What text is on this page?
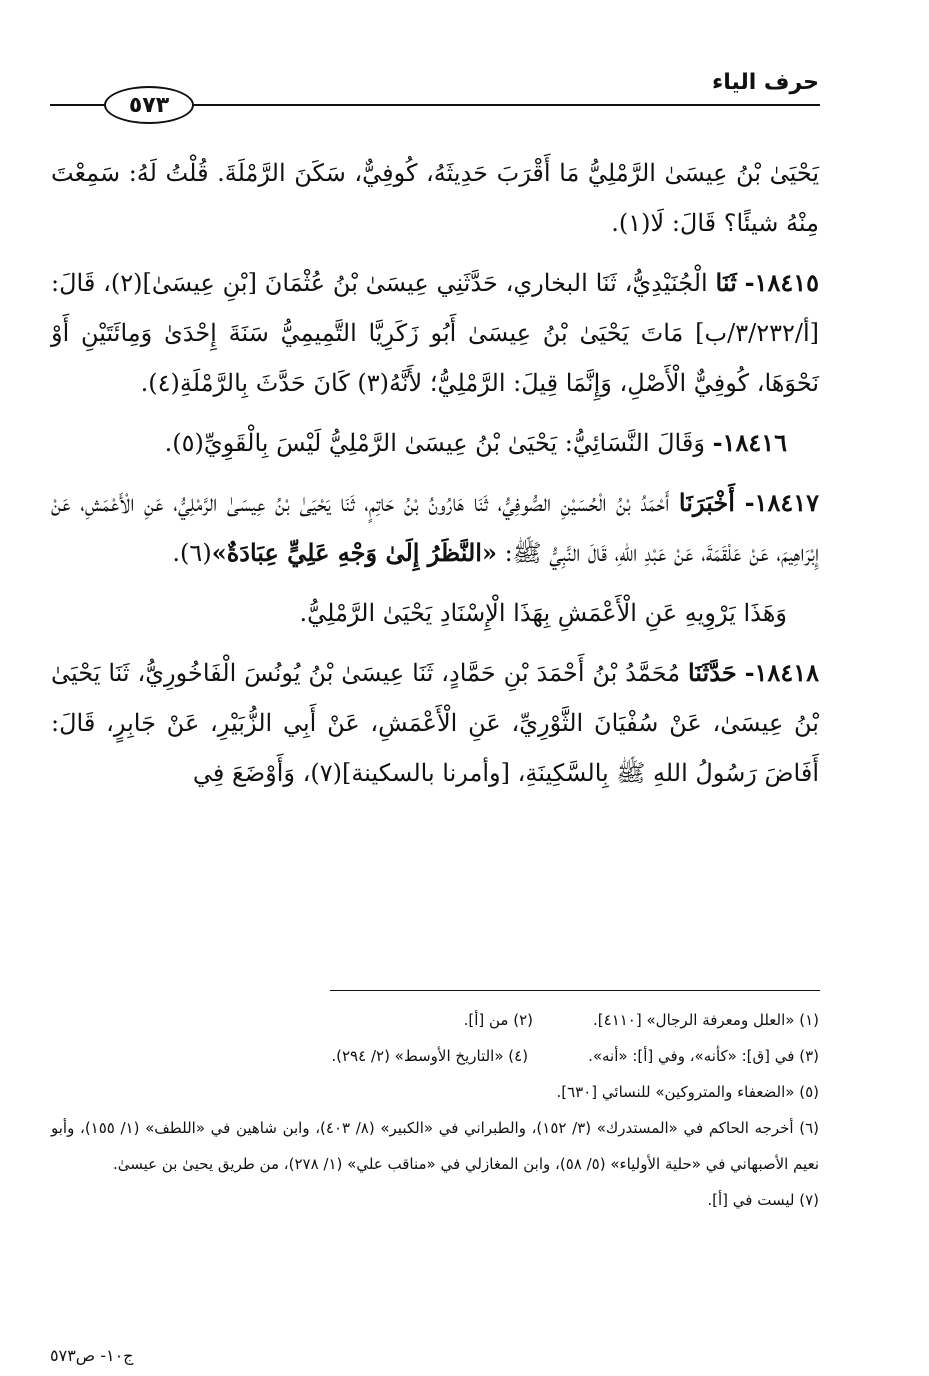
حرف الياء
٥٧٣

يَحْيَىٰ بْنُ عِيسَىٰ الرَّمْلِيُّ مَا أَقْرَبَ حَدِيثَهُ، كُوفِيٌّ، سَكَنَ الرَّمْلَةَ. قُلْتُ لَهُ: سَمِعْتَ مِنْهُ شيئًا؟ قَالَ: لَا(١).

١٨٤١٥- ثَنَا الْجُنَيْدِيُّ، ثَنَا البخاري، حَدَّثَنِي عِيسَىٰ بْنُ عُثْمَانَ [بْنِ عِيسَىٰ](٢)، قَالَ: [أ/٣/٢٣٢/ب] مَاتَ يَحْيَىٰ بْنُ عِيسَىٰ أَبُو زَكَرِيَّا التَّمِيمِيُّ سَنَةَ إِحْدَىٰ وَمِائَتَيْنِ أَوْ نَحْوَهَا، كُوفِيٌّ الْأَصْلِ، وَإِنَّمَا قِيلَ: الرَّمْلِيُّ؛ لأَنَّهُ(٣) كَانَ حَدَّثَ بِالرَّمْلَةِ(٤).

١٨٤١٦- وَقَالَ النَّسَائِيُّ: يَحْيَىٰ بْنُ عِيسَىٰ الرَّمْلِيُّ لَيْسَ بِالْقَوِيِّ(٥).

١٨٤١٧- أَخْبَرَنَا أَحْمَدُ بْنُ الْحُسَيْنِ الصُّوفِيُّ، ثَنَا هَارُونُ بْنُ حَاتِمٍ، ثَنَا يَحْيَىٰ بْنُ عِيسَىٰ الرَّمْلِيُّ، عَنِ الْأَعْمَشِ، عَنْ إِبْرَاهِيمَ، عَنْ عَلْقَمَةَ، عَنْ عَبْدِ اللهِ، قَالَ النَّبِيُّ ﷺ: «النَّظَرُ إِلَىٰ وَجْهِ عَلِيٍّ عِبَادَةٌ»(٦).

وَهَذَا يَرْوِيهِ عَنِ الْأَعْمَشِ بِهَذَا الْإِسْنَادِ يَحْيَىٰ الرَّمْلِيُّ.

١٨٤١٨- حَدَّثَنَا مُحَمَّدُ بْنُ أَحْمَدَ بْنِ حَمَّادٍ، ثَنَا عِيسَىٰ بْنُ يُونُسَ الْفَاخُورِيُّ، ثَنَا يَحْيَىٰ بْنُ عِيسَىٰ، عَنْ سُفْيَانَ الثَّوْرِيِّ، عَنِ الْأَعْمَشِ، عَنْ أَبِي الزُّبَيْرِ، عَنْ جَابِرٍ، قَالَ: أَفَاضَ رَسُولُ اللهِ ﷺ بِالسَّكِينَةِ، [وأمرنا بالسكينة](٧)، وَأَوْضَعَ فِي

(١) «العلل ومعرفة الرجال» [٤١١٠].
(٢) من [أ].
(٣) في [ق]: «كأنه»، وفي [أ]: «أنه».
(٤) «التاريخ الأوسط» (٢/ ٢٩٤).
(٥) «الضعفاء والمتروكين» للنسائي [٦٣٠].
(٦) أخرجه الحاكم في «المستدرك» (٣/ ١٥٢)، والطبراني في «الكبير» (٨/ ٤٠٣)، وابن شاهين في «اللطف» (١/ ١٥٥)، وأبو نعيم الأصبهاني في «حلية الأولياء» (٥/ ٥٨)، وابن المغازلي في «مناقب علي» (١/ ٢٧٨)، من طريق يحيىٰ بن عيسىٰ.
(٧) ليست في [أ].
ج١٠- ص٥٧٣
